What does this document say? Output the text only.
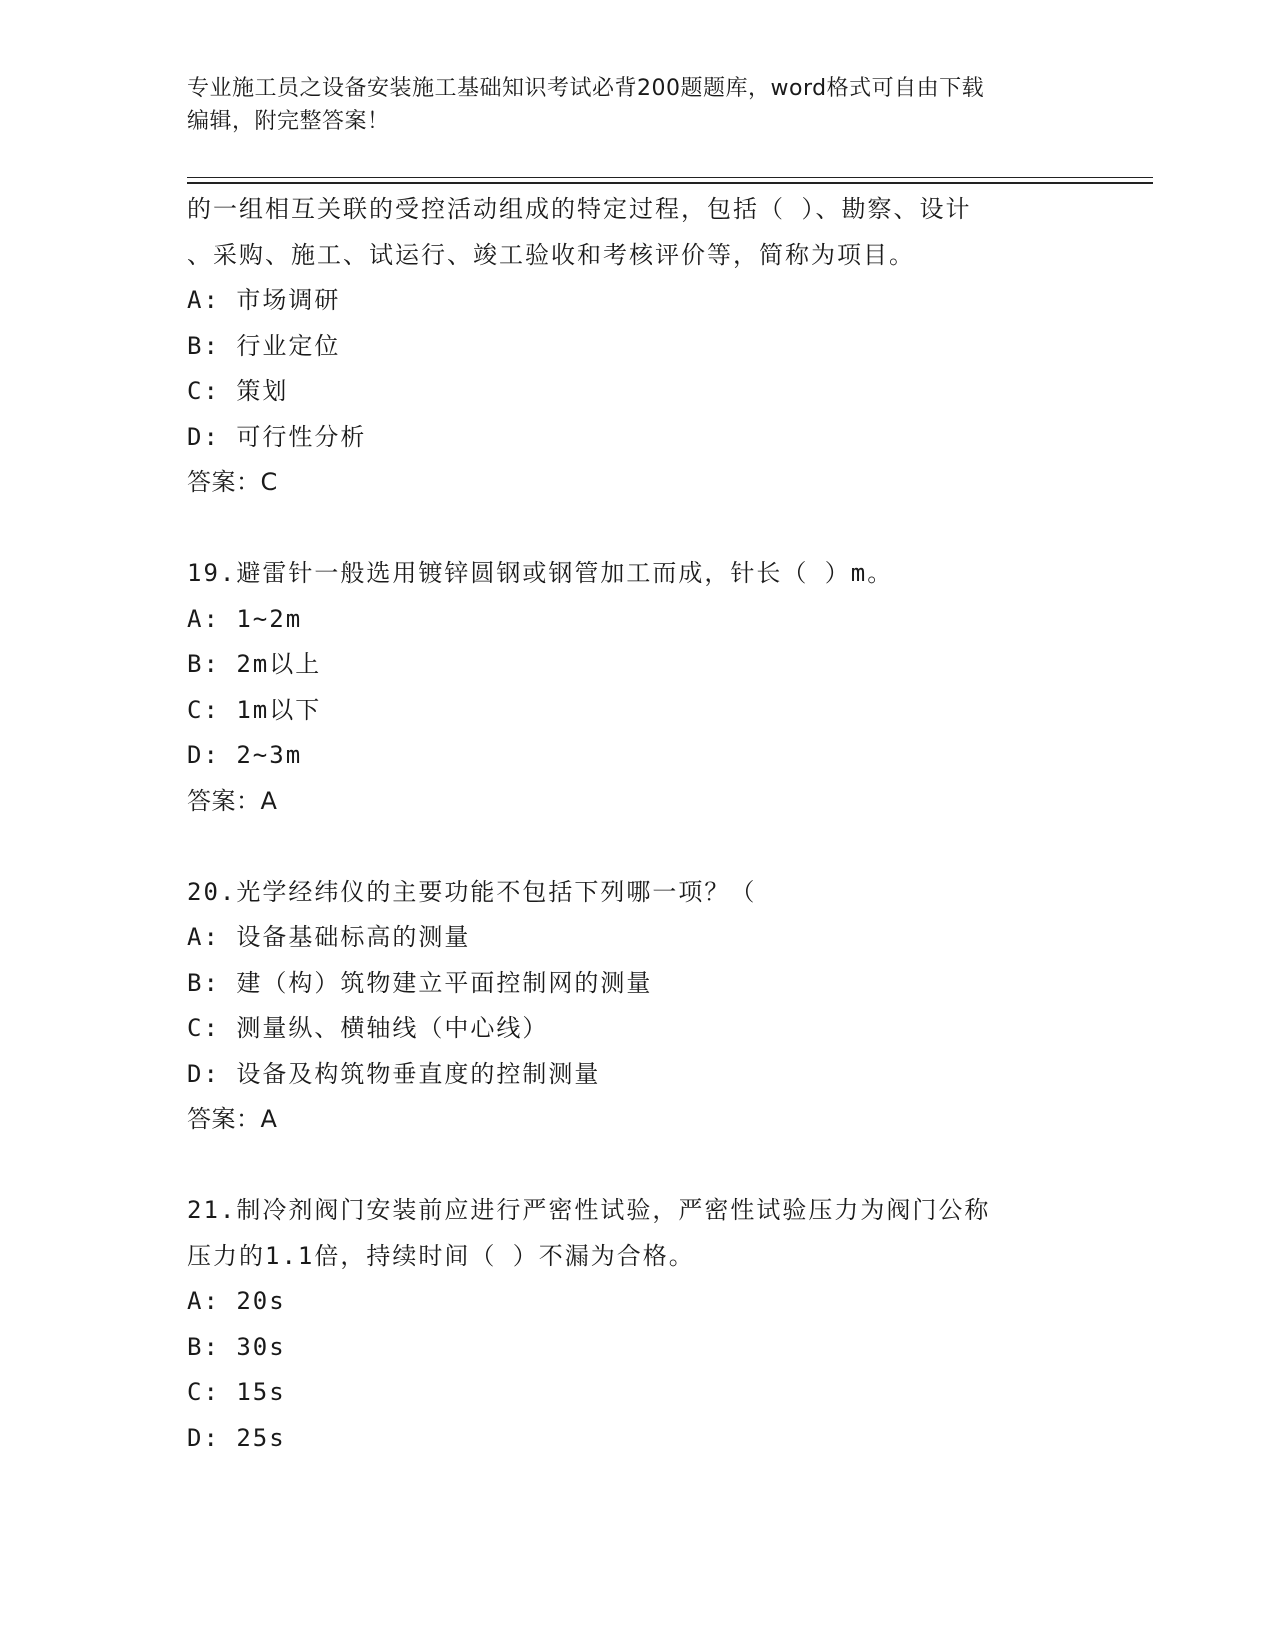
专业施工员之设备安装施工基础知识考试必背200题题库，word格式可自由下载
编辑，附完整答案！
的一组相互关联的受控活动组成的特定过程，包括（ ）、勘察、设计
、采购、施工、试运行、竣工验收和考核评价等，简称为项目。
A: 市场调研
B: 行业定位
C: 策划
D: 可行性分析
答案：C
19.避雷针一般选用镀锌圆钢或钢管加工而成，针长（ ）m。
A: 1~2m
B: 2m以上
C: 1m以下
D: 2~3m
答案：A
20.光学经纬仪的主要功能不包括下列哪一项？（
A: 设备基础标高的测量
B: 建（构）筑物建立平面控制网的测量
C: 测量纵、横轴线（中心线）
D: 设备及构筑物垂直度的控制测量
答案：A
21.制冷剂阀门安装前应进行严密性试验，严密性试验压力为阀门公称
压力的1.1倍，持续时间（ ）不漏为合格。
A: 20s
B: 30s
C: 15s
D: 25s
